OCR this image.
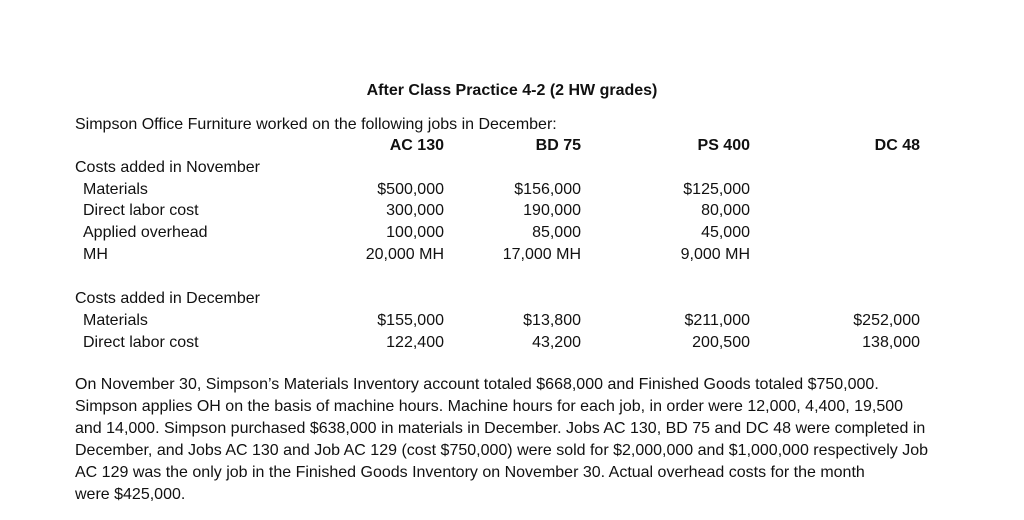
After Class Practice 4-2 (2 HW grades)
Simpson Office Furniture worked on the following jobs in December:
AC 130	BD 75	PS 400	DC 48
Costs added in November
Materials	$500,000	$156,000	$125,000
Direct labor cost	300,000	190,000	80,000
Applied overhead	100,000	85,000	45,000
MH	20,000 MH	17,000 MH	9,000 MH
Costs added in December
Materials	$155,000	$13,800	$211,000	$252,000
Direct labor cost	122,400	43,200	200,500	138,000
On November 30, Simpson’s Materials Inventory account totaled $668,000 and Finished Goods totaled $750,000.
Simpson applies OH on the basis of machine hours. Machine hours for each job, in order were 12,000, 4,400, 19,500
and 14,000. Simpson purchased $638,000 in materials in December. Jobs AC 130, BD 75 and DC 48 were completed in
December, and Jobs AC 130 and Job AC 129 (cost $750,000) were sold for $2,000,000 and $1,000,000 respectively Job
AC 129 was the only job in the Finished Goods Inventory on November 30. Actual overhead costs for the month
were $425,000.
